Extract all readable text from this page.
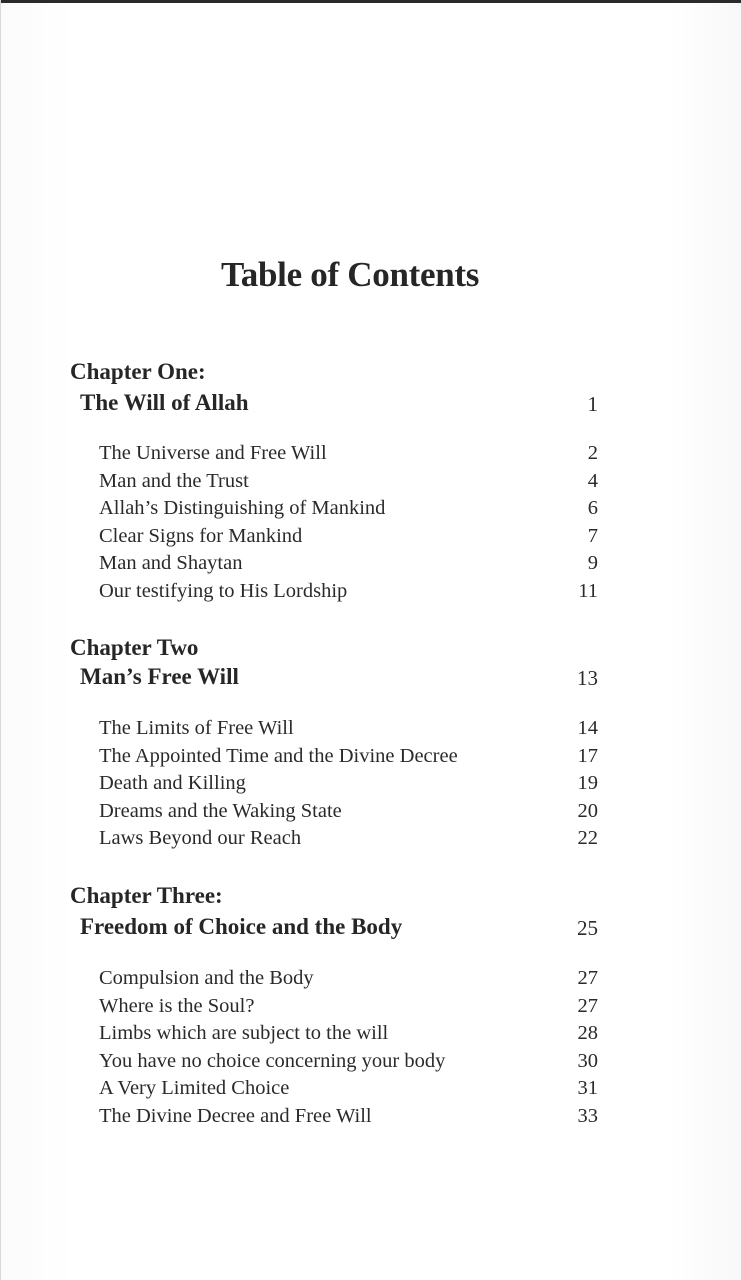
Table of Contents
Chapter One:
The Will of Allah	1
The Universe and Free Will	2
Man and the Trust	4
Allah’s Distinguishing of Mankind	6
Clear Signs for Mankind	7
Man and Shaytan	9
Our testifying to His Lordship	11
Chapter Two
Man’s Free Will	13
The Limits of Free Will	14
The Appointed Time and the Divine Decree	17
Death and Killing	19
Dreams and the Waking State	20
Laws Beyond our Reach	22
Chapter Three:
Freedom of Choice and the Body	25
Compulsion and the Body	27
Where is the Soul?	27
Limbs which are subject to the will	28
You have no choice concerning your body	30
A Very Limited Choice	31
The Divine Decree and Free Will	33
